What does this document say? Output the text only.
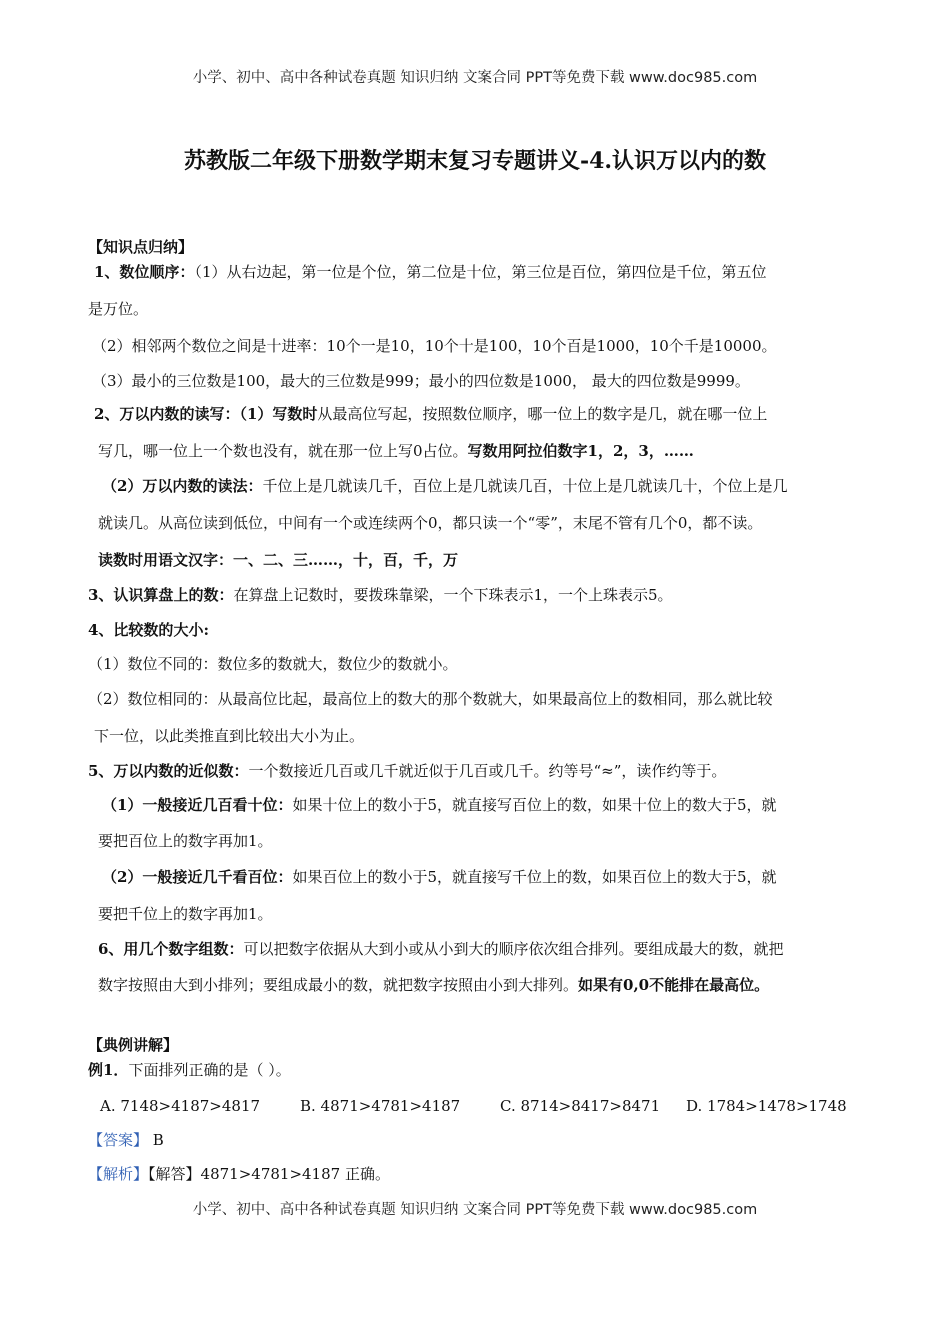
小学、初中、高中各种试卷真题 知识归纳 文案合同 PPT等免费下载 www.doc985.com
苏教版二年级下册数学期末复习专题讲义-4.认识万以内的数
【知识点归纳】
1、数位顺序：（1）从右边起，第一位是个位，第二位是十位，第三位是百位，第四位是千位，第五位
是万位。
（2）相邻两个数位之间是十进率：10个一是10，10个十是100，10个百是1000，10个千是10000。
（3）最小的三位数是100，最大的三位数是999；最小的四位数是1000， 最大的四位数是9999。
2、万以内数的读写：（1）写数时从最高位写起，按照数位顺序，哪一位上的数字是几，就在哪一位上
写几，哪一位上一个数也没有，就在那一位上写0占位。写数用阿拉伯数字1，2，3，……
（2）万以内数的读法：千位上是几就读几千，百位上是几就读几百，十位上是几就读几十，个位上是几
就读几。从高位读到低位，中间有一个或连续两个0，都只读一个“零”，末尾不管有几个0，都不读。
读数时用语文汉字：一、二、三……，十，百，千，万
3、认识算盘上的数：在算盘上记数时，要拨珠靠梁，一个下珠表示1，一个上珠表示5。
4、比较数的大小:
（1）数位不同的：数位多的数就大，数位少的数就小。
（2）数位相同的：从最高位比起，最高位上的数大的那个数就大，如果最高位上的数相同，那么就比较
下一位，以此类推直到比较出大小为止。
5、万以内数的近似数：一个数接近几百或几千就近似于几百或几千。约等号“≈”，读作约等于。
（1）一般接近几百看十位：如果十位上的数小于5，就直接写百位上的数，如果十位上的数大于5，就
要把百位上的数字再加1。
（2）一般接近几千看百位：如果百位上的数小于5，就直接写千位上的数，如果百位上的数大于5，就
要把千位上的数字再加1。
6、用几个数字组数：可以把数字依据从大到小或从小到大的顺序依次组合排列。要组成最大的数，就把
数字按照由大到小排列；要组成最小的数，就把数字按照由小到大排列。如果有0,0不能排在最高位。
【典例讲解】
例1．下面排列正确的是（ ）。
A. 7148>4187>4817	B. 4871>4781>4187	C. 8714>8417>8471 D. 1784>1478>1748
【答案】 B
【解析】【解答】4871>4781>4187 正确。
小学、初中、高中各种试卷真题 知识归纳 文案合同 PPT等免费下载 www.doc985.com
